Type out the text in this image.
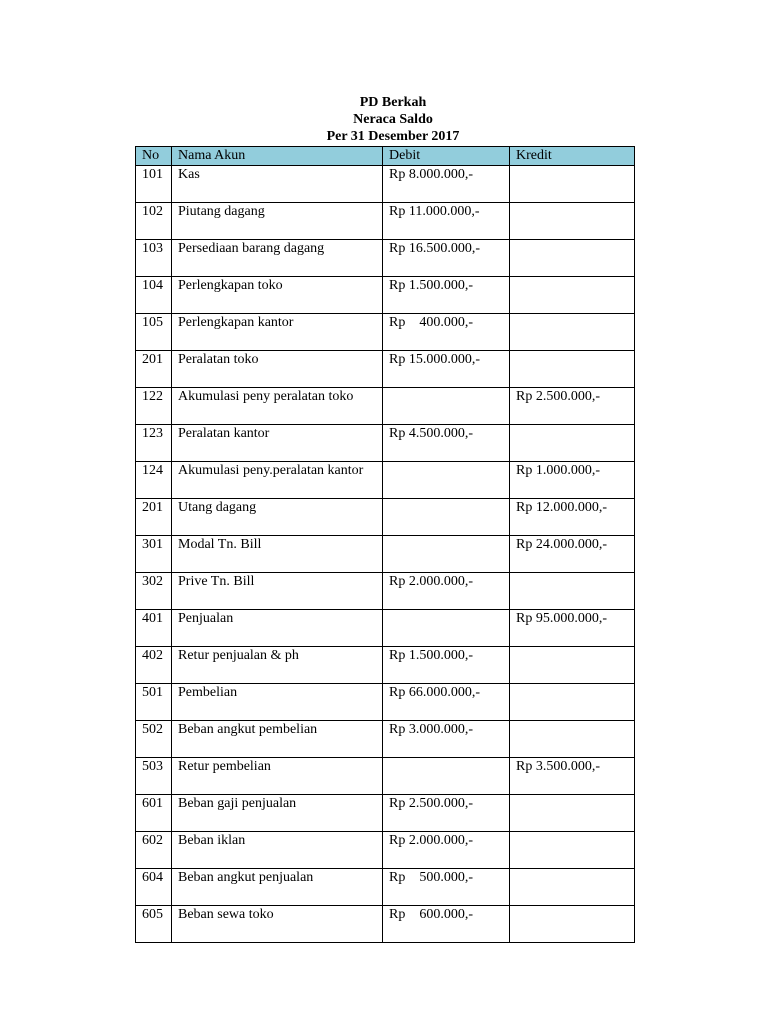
PD Berkah
Neraca Saldo
Per 31 Desember 2017
No	Nama Akun	Debit	Kredit
101	Kas	Rp 8.000.000,-	
102	Piutang dagang	Rp 11.000.000,-	
103	Persediaan barang dagang	Rp 16.500.000,-	
104	Perlengkapan toko	Rp 1.500.000,-	
105	Perlengkapan kantor	Rp    400.000,-	
201	Peralatan toko	Rp 15.000.000,-	
122	Akumulasi peny peralatan toko		Rp 2.500.000,-
123	Peralatan kantor	Rp 4.500.000,-	
124	Akumulasi peny.peralatan kantor		Rp 1.000.000,-
201	Utang dagang		Rp 12.000.000,-
301	Modal Tn. Bill		Rp 24.000.000,-
302	Prive Tn. Bill	Rp 2.000.000,-	
401	Penjualan		Rp 95.000.000,-
402	Retur penjualan & ph	Rp 1.500.000,-	
501	Pembelian	Rp 66.000.000,-	
502	Beban angkut pembelian	Rp 3.000.000,-	
503	Retur pembelian		Rp 3.500.000,-
601	Beban gaji penjualan	Rp 2.500.000,-	
602	Beban iklan	Rp 2.000.000,-	
604	Beban angkut penjualan	Rp    500.000,-	
605	Beban sewa toko	Rp    600.000,-	
